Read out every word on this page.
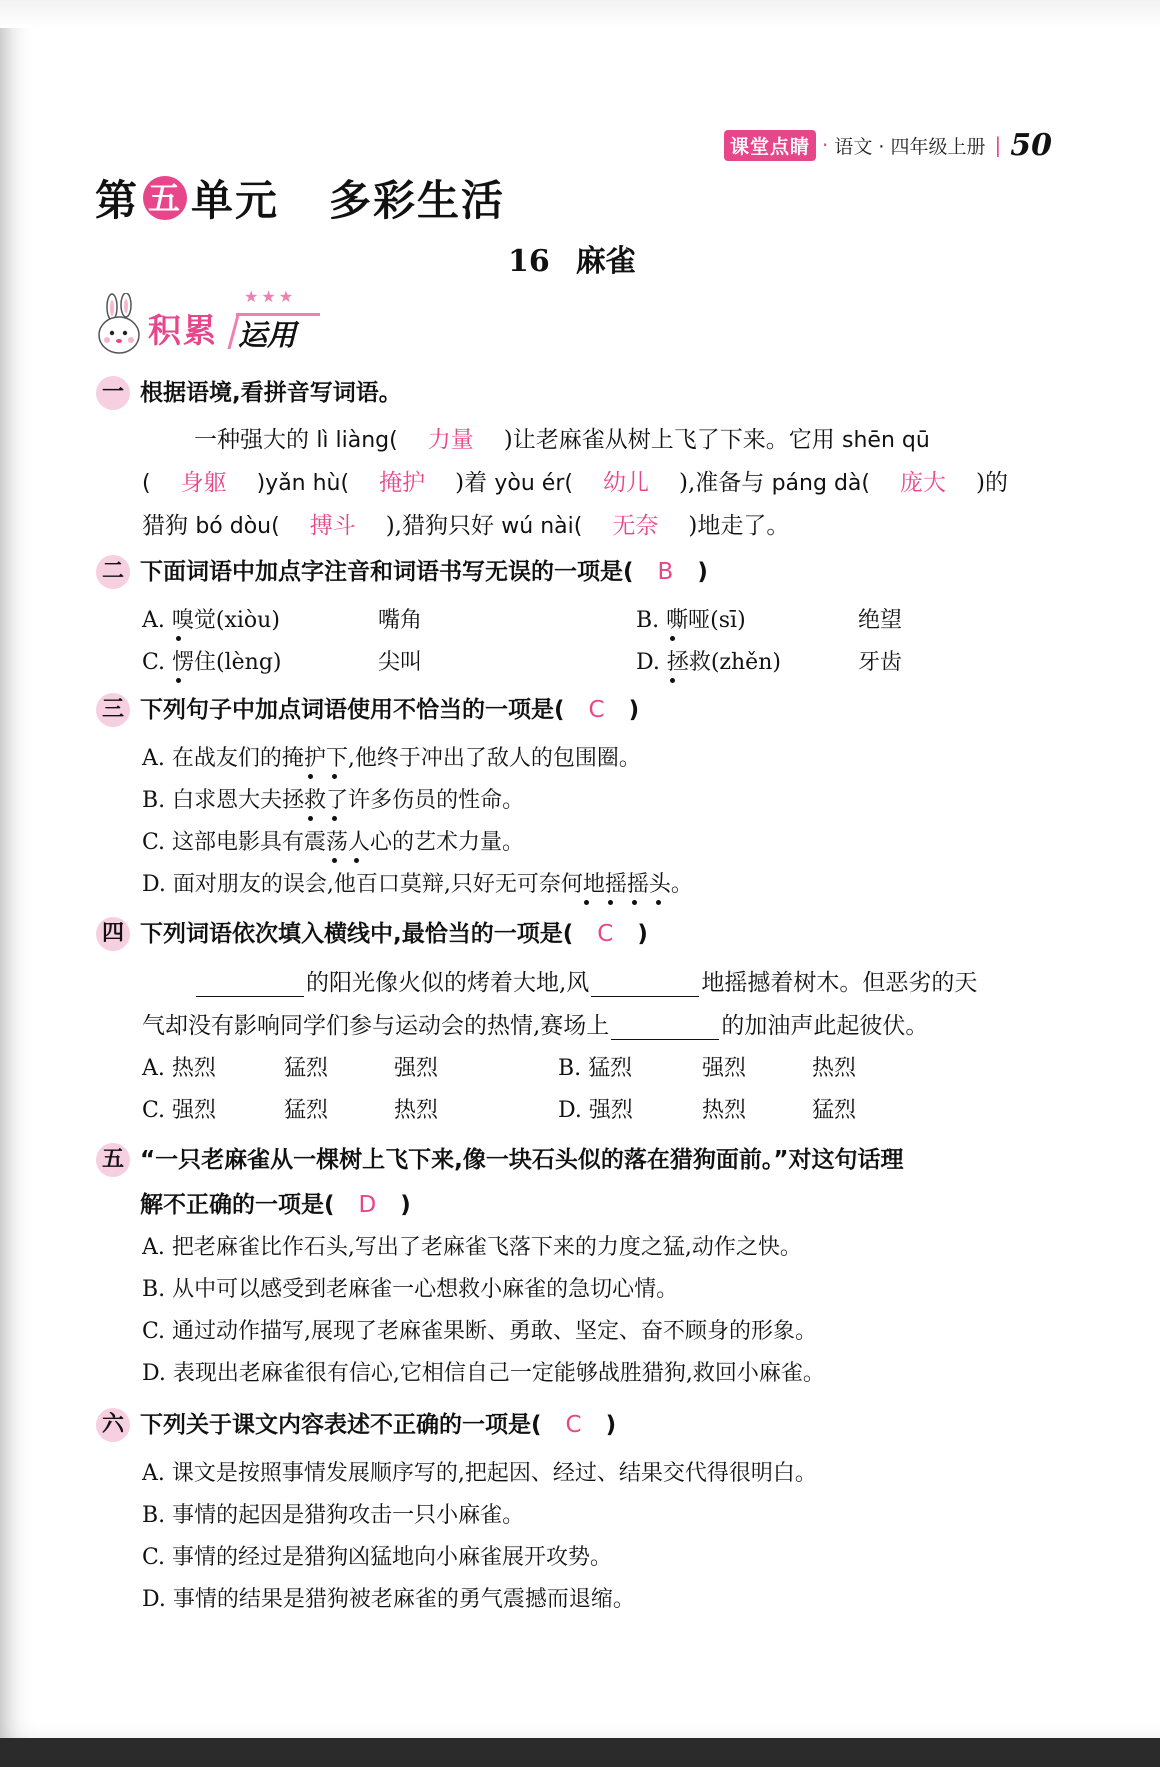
课堂点睛 · 语文 · 四年级上册 | 50
第 五 单元 多彩生活
16 麻雀
★★★
积累 运用
一 根据语境,看拼音写词语。
一种强大的 lì liàng( 力量 )让老麻雀从树上飞了下来。它用 shēn qū
( 身躯 )yǎn hù( 掩护 )着 yòu ér( 幼儿 ),准备与 páng dà( 庞大 )的
猎狗 bó dòu( 搏斗 ),猎狗只好 wú nài( 无奈 )地走了。
二 下面词语中加点字注音和词语书写无误的一项是( B )
A. 嗅觉(xiòu)	嘴角	B. 嘶哑(sī)	绝望
C. 愣住(lèng)	尖叫	D. 拯救(zhěn)	牙齿
三 下列句子中加点词语使用不恰当的一项是( C )
A. 在战友们的掩护下,他终于冲出了敌人的包围圈。
B. 白求恩大夫拯救了许多伤员的性命。
C. 这部电影具有震荡人心的艺术力量。
D. 面对朋友的误会,他百口莫辩,只好无可奈何地摇摇头。
四 下列词语依次填入横线中,最恰当的一项是( C )
的阳光像火似的烤着大地,风	地摇撼着树木。但恶劣的天
气却没有影响同学们参与运动会的热情,赛场上	的加油声此起彼伏。
A. 热烈	猛烈	强烈	B. 猛烈	强烈	热烈
C. 强烈	猛烈	热烈	D. 强烈	热烈	猛烈
五 “一只老麻雀从一棵树上飞下来,像一块石头似的落在猎狗面前。”对这句话理
解不正确的一项是( D )
A. 把老麻雀比作石头,写出了老麻雀飞落下来的力度之猛,动作之快。
B. 从中可以感受到老麻雀一心想救小麻雀的急切心情。
C. 通过动作描写,展现了老麻雀果断、勇敢、坚定、奋不顾身的形象。
D. 表现出老麻雀很有信心,它相信自己一定能够战胜猎狗,救回小麻雀。
六 下列关于课文内容表述不正确的一项是( C )
A. 课文是按照事情发展顺序写的,把起因、经过、结果交代得很明白。
B. 事情的起因是猎狗攻击一只小麻雀。
C. 事情的经过是猎狗凶猛地向小麻雀展开攻势。
D. 事情的结果是猎狗被老麻雀的勇气震撼而退缩。
